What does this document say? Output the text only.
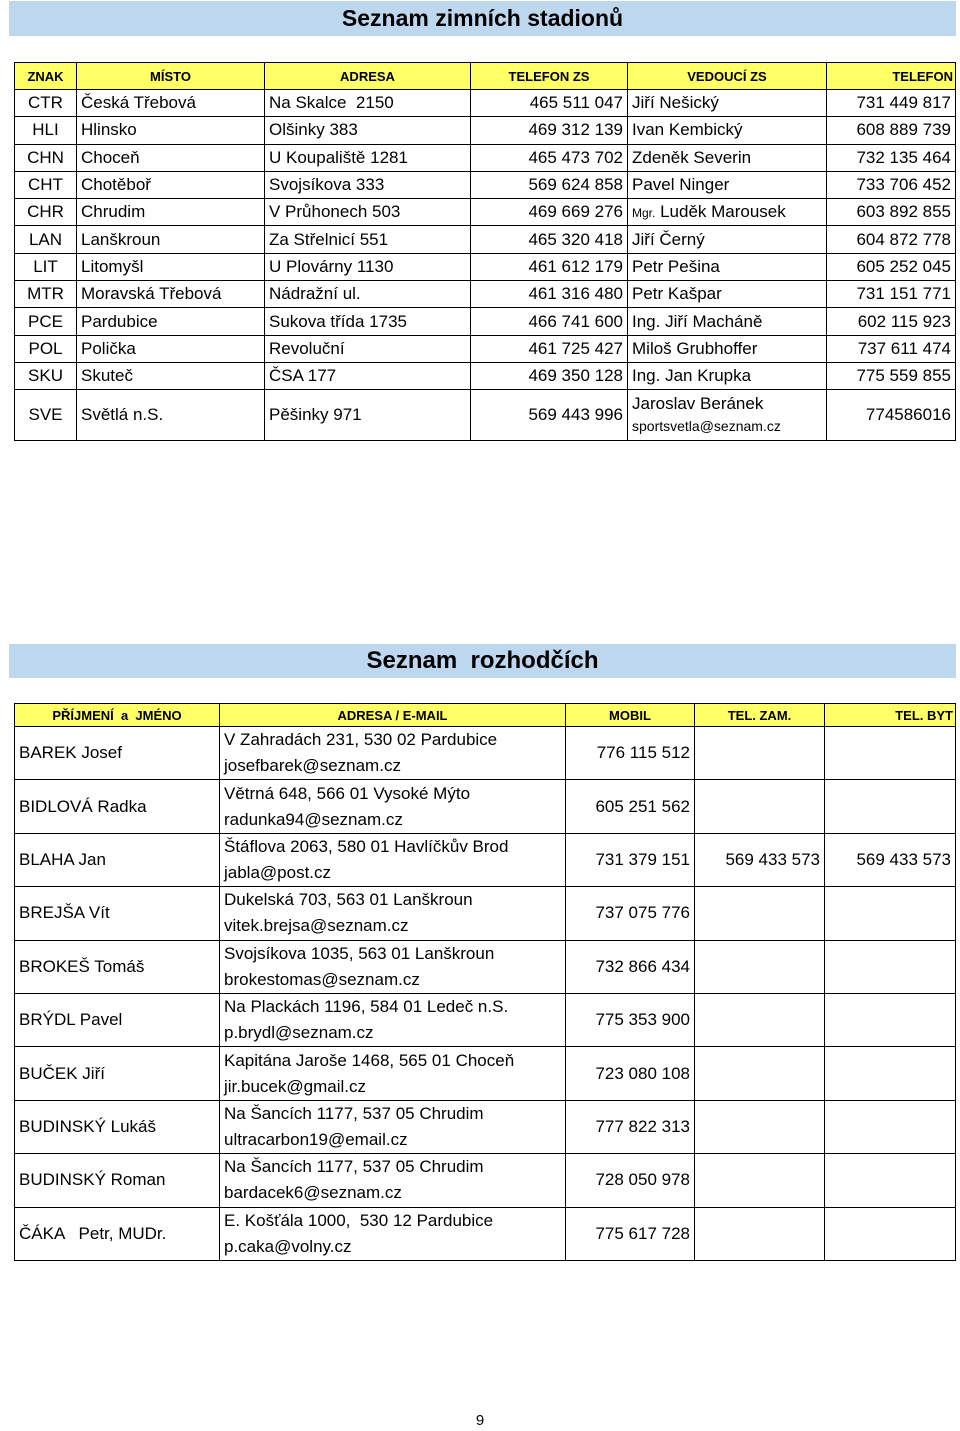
Seznam zimních stadionů
ZNAK	MÍSTO	ADRESA	TELEFON ZS	VEDOUCÍ ZS	TELEFON
CTR	Česká Třebová	Na Skalce  2150	465 511 047	Jiří Nešický	731 449 817
HLI	Hlinsko	Olšinky 383	469 312 139	Ivan Kembický	608 889 739
CHN	Choceň	U Koupaliště 1281	465 473 702	Zdeněk Severin	732 135 464
CHT	Chotěboř	Svojsíkova 333	569 624 858	Pavel Ninger	733 706 452
CHR	Chrudim	V Průhonech 503	469 669 276	Mgr. Luděk Marousek	603 892 855
LAN	Lanškroun	Za Střelnicí 551	465 320 418	Jiří Černý	604 872 778
LIT	Litomyšl	U Plovárny 1130	461 612 179	Petr Pešina	605 252 045
MTR	Moravská Třebová	Nádražní ul.	461 316 480	Petr Kašpar	731 151 771
PCE	Pardubice	Sukova třída 1735	466 741 600	Ing. Jiří Macháně	602 115 923
POL	Polička	Revoluční	461 725 427	Miloš Grubhoffer	737 611 474
SKU	Skuteč	ČSA 177	469 350 128	Ing. Jan Krupka	775 559 855
SVE	Světlá n.S.	Pěšinky 971	569 443 996	Jaroslav Beránek
sportsvetla@seznam.cz	774586016
Seznam  rozhodčích
PŘÍJMENÍ  a  JMÉNO	ADRESA / E-MAIL	MOBIL	TEL. ZAM.	TEL. BYT
BAREK Josef	V Zahradách 231, 530 02 Pardubice
josefbarek@seznam.cz	776 115 512		
BIDLOVÁ Radka	Větrná 648, 566 01 Vysoké Mýto
radunka94@seznam.cz	605 251 562		
BLAHA Jan	Štáflova 2063, 580 01 Havlíčkův Brod
jabla@post.cz	731 379 151	569 433 573	569 433 573
BREJŠA Vít	Dukelská 703, 563 01 Lanškroun
vitek.brejsa@seznam.cz	737 075 776		
BROKEŠ Tomáš	Svojsíkova 1035, 563 01 Lanškroun
brokestomas@seznam.cz	732 866 434		
BRÝDL Pavel	Na Plackách 1196, 584 01 Ledeč n.S.
p.brydl@seznam.cz	775 353 900		
BUČEK Jiří	Kapitána Jaroše 1468, 565 01 Choceň
jir.bucek@gmail.cz	723 080 108		
BUDINSKÝ Lukáš	Na Šancích 1177, 537 05 Chrudim
ultracarbon19@email.cz	777 822 313		
BUDINSKÝ Roman	Na Šancích 1177, 537 05 Chrudim
bardacek6@seznam.cz	728 050 978		
ČÁKA   Petr, MUDr.	E. Košťála 1000,  530 12 Pardubice
p.caka@volny.cz	775 617 728		
9
